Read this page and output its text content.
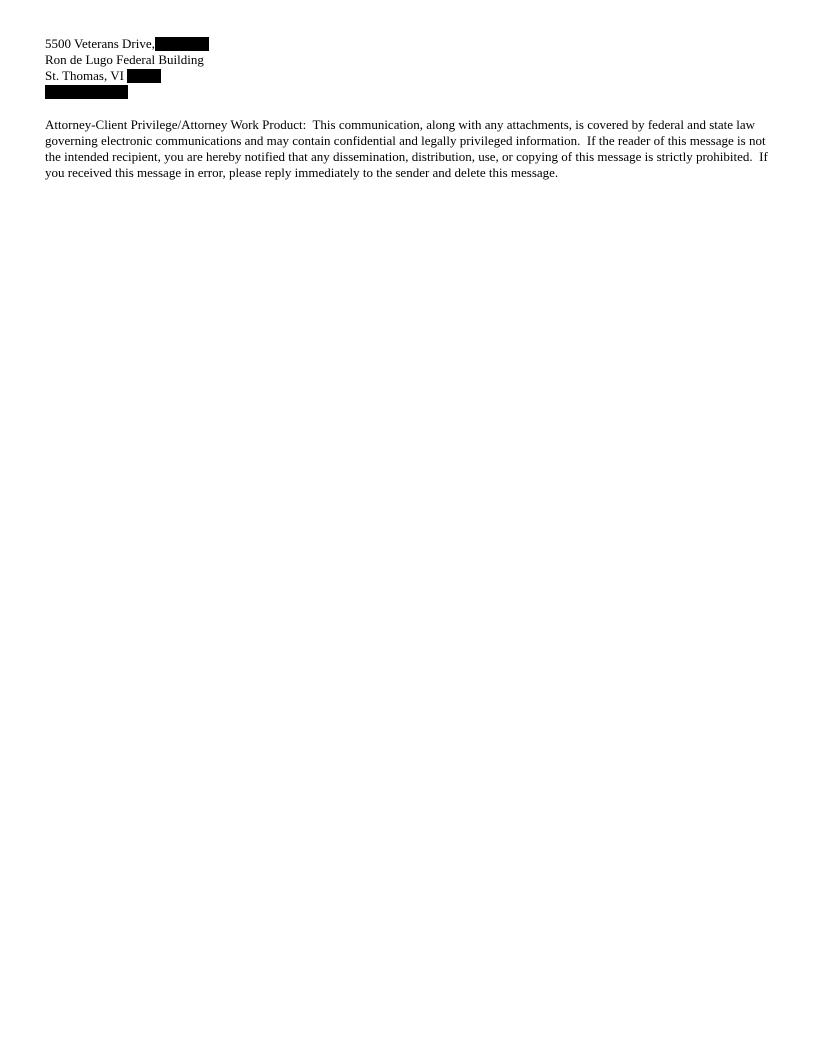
5500 Veterans Drive,
Ron de Lugo Federal Building
St. Thomas, VI
Attorney-Client Privilege/Attorney Work Product:  This communication, along with any attachments, is covered by federal and state law governing electronic communications and may contain confidential and legally privileged information.  If the reader of this message is not the intended recipient, you are hereby notified that any dissemination, distribution, use, or copying of this message is strictly prohibited.  If you received this message in error, please reply immediately to the sender and delete this message.
